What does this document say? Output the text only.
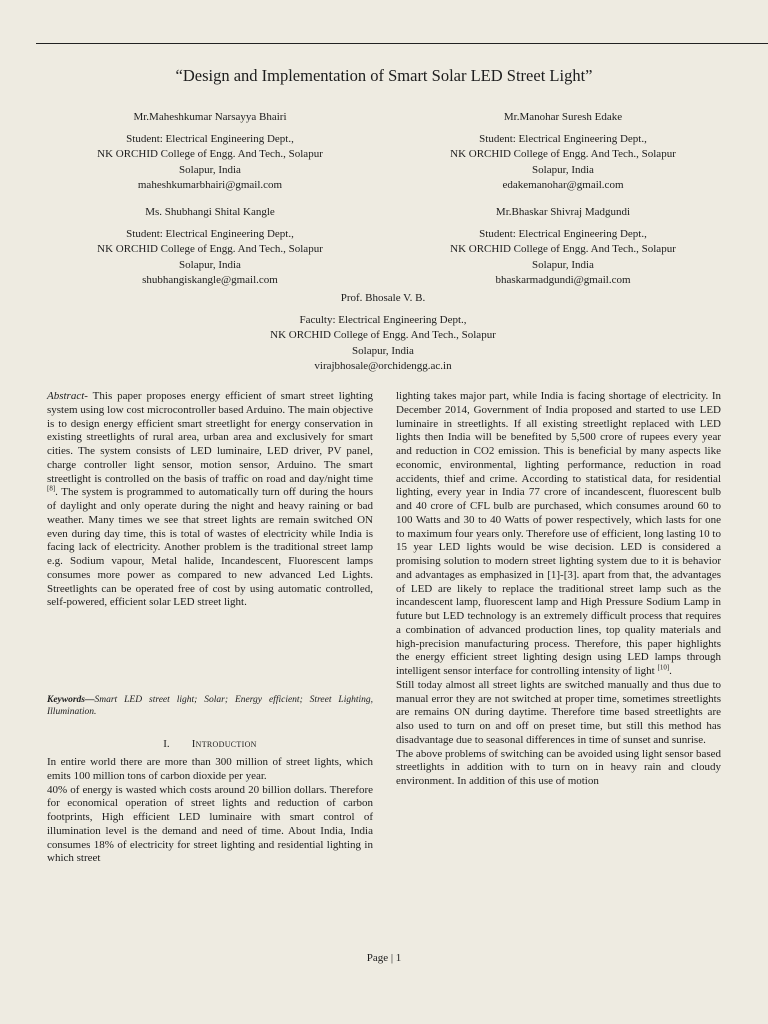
“Design and Implementation of Smart Solar LED Street Light”
Mr.Maheshkumar Narsayya Bhairi
Student: Electrical Engineering Dept.,
NK ORCHID College of Engg. And Tech., Solapur
Solapur, India
maheshkumarbhairi@gmail.com
Mr.Manohar Suresh Edake
Student: Electrical Engineering Dept.,
NK ORCHID College of Engg. And Tech., Solapur
Solapur, India
edakemanohar@gmail.com
Ms. Shubhangi Shital Kangle
Student: Electrical Engineering Dept.,
NK ORCHID College of Engg. And Tech., Solapur
Solapur, India
shubhangiskangle@gmail.com
Mr.Bhaskar Shivraj Madgundi
Student: Electrical Engineering Dept.,
NK ORCHID College of Engg. And Tech., Solapur
Solapur, India
bhaskarmadgundi@gmail.com
Prof. Bhosale V. B.
Faculty: Electrical Engineering Dept.,
NK ORCHID College of Engg. And Tech., Solapur
Solapur, India
virajbhosale@orchidengg.ac.in

Abstract- This paper proposes energy efficient of smart street lighting system using low cost microcontroller based Arduino. The main objective is to design energy efficient smart streetlight for energy conservation in existing streetlights of rural area, urban area and exclusively for smart cities. The system consists of LED luminaire, LED driver, PV panel, charge controller light sensor, motion sensor, Arduino. The smart streetlight is controlled on the basis of traffic on road and day/night time [8]. The system is programmed to automatically turn off during the hours of daylight and only operate during the night and heavy raining or bad weather. Many times we see that street lights are remain switched ON even during day time, this is total of wastes of electricity while India is facing lack of electricity. Another problem is the traditional street lamp e.g. Sodium vapour, Metal halide, Incandescent, Fluorescent lamps consumes more power as compared to new advanced Led Lights. Streetlights can be operated free of cost by using automatic controlled, self-powered, efficient solar LED street light.

Keywords—Smart LED street light; Solar; Energy efficient; Street Lighting, Illumination.
I. Introduction

In entire world there are more than 300 million of street lights, which emits 100 million tons of carbon dioxide per year.

40% of energy is wasted which costs around 20 billion dollars. Therefore for economical operation of street lights and reduction of carbon footprints, High efficient LED luminaire with smart control of illumination level is the demand and need of time. About India, India consumes 18% of electricity for street lighting and residential lighting in which street

lighting takes major part, while India is facing shortage of electricity. In December 2014, Government of India proposed and started to use LED luminaire in streetlights. If all existing streetlight replaced with LED lights then India will be benefited by 5,500 crore of rupees every year and reduction in CO2 emission. This is beneficial by many aspects like economic, environmental, lighting performance, reduction in road accidents, thief and crime. According to statistical data, for residential lighting, every year in India 77 crore of incandescent, fluorescent bulb and 40 crore of CFL bulb are purchased, which consumes around 60 to 100 Watts and 30 to 40 Watts of power respectively, which lasts for one to maximum four years only. Therefore use of efficient, long lasting 10 to 15 year LED lights would be wise decision. LED is considered a promising solution to modern street lighting system due to it is behavior and advantages as emphasized in [1]-[3]. apart from that, the advantages of LED are likely to replace the traditional street lamp such as the incandescent lamp, fluorescent lamp and High Pressure Sodium Lamp in future but LED technology is an extremely difficult process that requires a combination of advanced production lines, top quality materials and high-precision manufacturing process. Therefore, this paper highlights the energy efficient street lighting design using LED lamps through intelligent sensor interface for controlling intensity of light [10].

Still today almost all street lights are switched manually and thus due to manual error they are not switched at proper time, sometimes streetlights are remains ON during daytime. Therefore time based streetlights are also used to turn on and off on preset time, but still this method has disadvantage due to seasonal differences in time of sunset and sunrise.

The above problems of switching can be avoided using light sensor based streetlights in addition with to turn on in heavy rain and cloudy environment. In addition of this use of motion

Page | 1
